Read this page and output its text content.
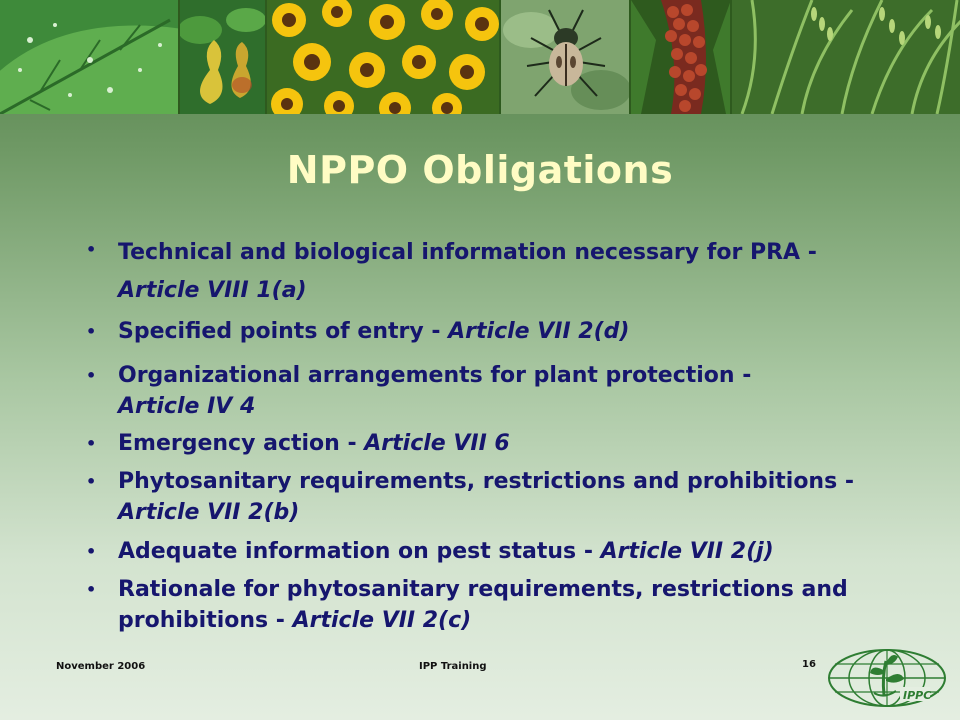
NPPO Obligations
• Technical and biological information necessary for PRA -
Article VIII 1(a)
• Specified points of entry - Article VII 2(d)
• Organizational arrangements for plant protection -
Article IV 4
• Emergency action - Article VII 6
• Phytosanitary requirements, restrictions and prohibitions - Article VII 2(b)
• Adequate information on pest status - Article VII 2(j)
• Rationale for phytosanitary requirements, restrictions and prohibitions - Article VII 2(c)
November 2006	IPP Training	16
IPPC
